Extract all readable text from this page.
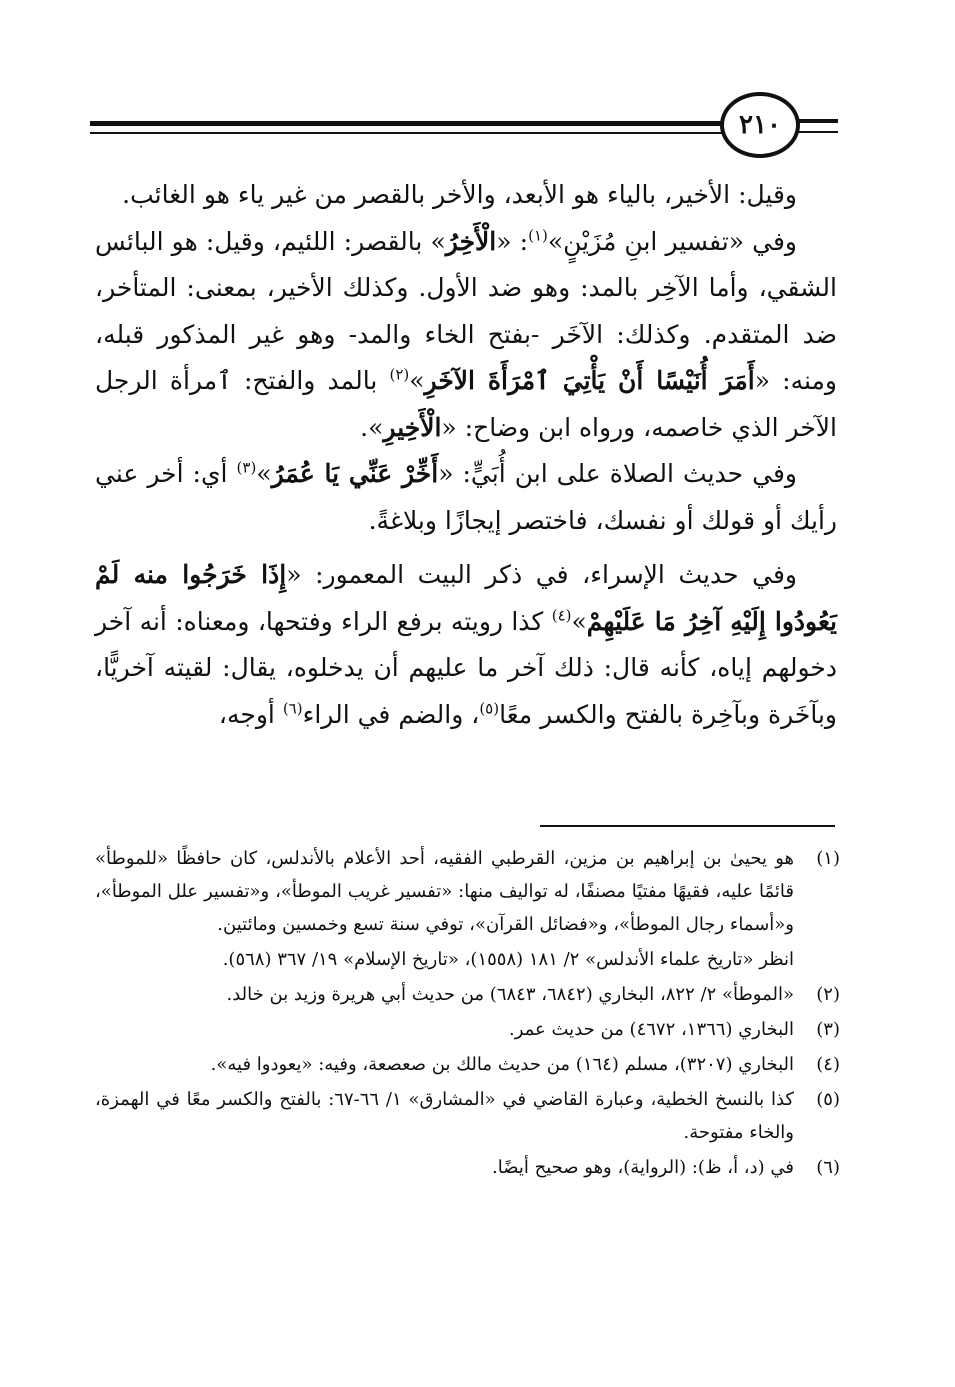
٢١٠

وقيل: الأخير، بالياء هو الأبعد، والأخر بالقصر من غير ياء هو الغائب.

وفي «تفسير ابنِ مُزَيْنٍ»$^{(١)}$: «الْأَخِرُ» بالقصر: اللئيم، وقيل: هو البائس الشقي، وأما الآخِر بالمد: وهو ضد الأول. وكذلك الأخير، بمعنى: المتأخر، ضد المتقدم. وكذلك: الآخَر -بفتح الخاء والمد- وهو غير المذكور قبله، ومنه: «أَمَرَ أُنَيْسًا أَنْ يَأْتِيَ ٱمْرَأَةَ الآخَرِ»$^{(٢)}$ بالمد والفتح: ٱمرأة الرجل الآخر الذي خاصمه، ورواه ابن وضاح: «الْأَخِيرِ».

وفي حديث الصلاة على ابن أُبَيٍّ: «أَخِّرْ عَنِّي يَا عُمَرُ»$^{(٣)}$ أي: أخر عني رأيك أو قولك أو نفسك، فاختصر إيجازًا وبلاغةً.

وفي حديث الإسراء، في ذكر البيت المعمور: «إِذَا خَرَجُوا منه لَمْ يَعُودُوا إِلَيْهِ آخِرُ مَا عَلَيْهِمْ»$^{(٤)}$ كذا رويته برفع الراء وفتحها، ومعناه: أنه آخر دخولهم إياه، كأنه قال: ذلك آخر ما عليهم أن يدخلوه، يقال: لقيته آخريًّا، وبآخَرة وبآخِرة بالفتح والكسر معًا$^{(٥)}$، والضم في الراء$^{(٦)}$ أوجه،

(١)
هو يحيىٰ بن إبراهيم بن مزين، القرطبي الفقيه، أحد الأعلام بالأندلس، كان حافظًا «للموطأ» قائمًا عليه، فقيهًا مفتيًا مصنفًا، له تواليف منها: «تفسير غريب الموطأ»، و«تفسير علل الموطأ»، و«أسماء رجال الموطأ»، و«فضائل القرآن»، توفي سنة تسع وخمسين ومائتين.
انظر «تاريخ علماء الأندلس» ٢/ ١٨١ (١٥٥٨)، «تاريخ الإسلام» ١٩/ ٣٦٧ (٥٦٨).
(٢)
«الموطأ» ٢/ ٨٢٢، البخاري (٦٨٤٢، ٦٨٤٣) من حديث أبي هريرة وزيد بن خالد.
(٣)
البخاري (١٣٦٦، ٤٦٧٢) من حديث عمر.
(٤)
البخاري (٣٢٠٧)، مسلم (١٦٤) من حديث مالك بن صعصعة، وفيه: «يعودوا فيه».
(٥)
كذا بالنسخ الخطية، وعبارة القاضي في «المشارق» ١/ ٦٦-٦٧: بالفتح والكسر معًا في الهمزة، والخاء مفتوحة.
(٦)
في (د، أ، ظ): (الرواية)، وهو صحيح أيضًا.
